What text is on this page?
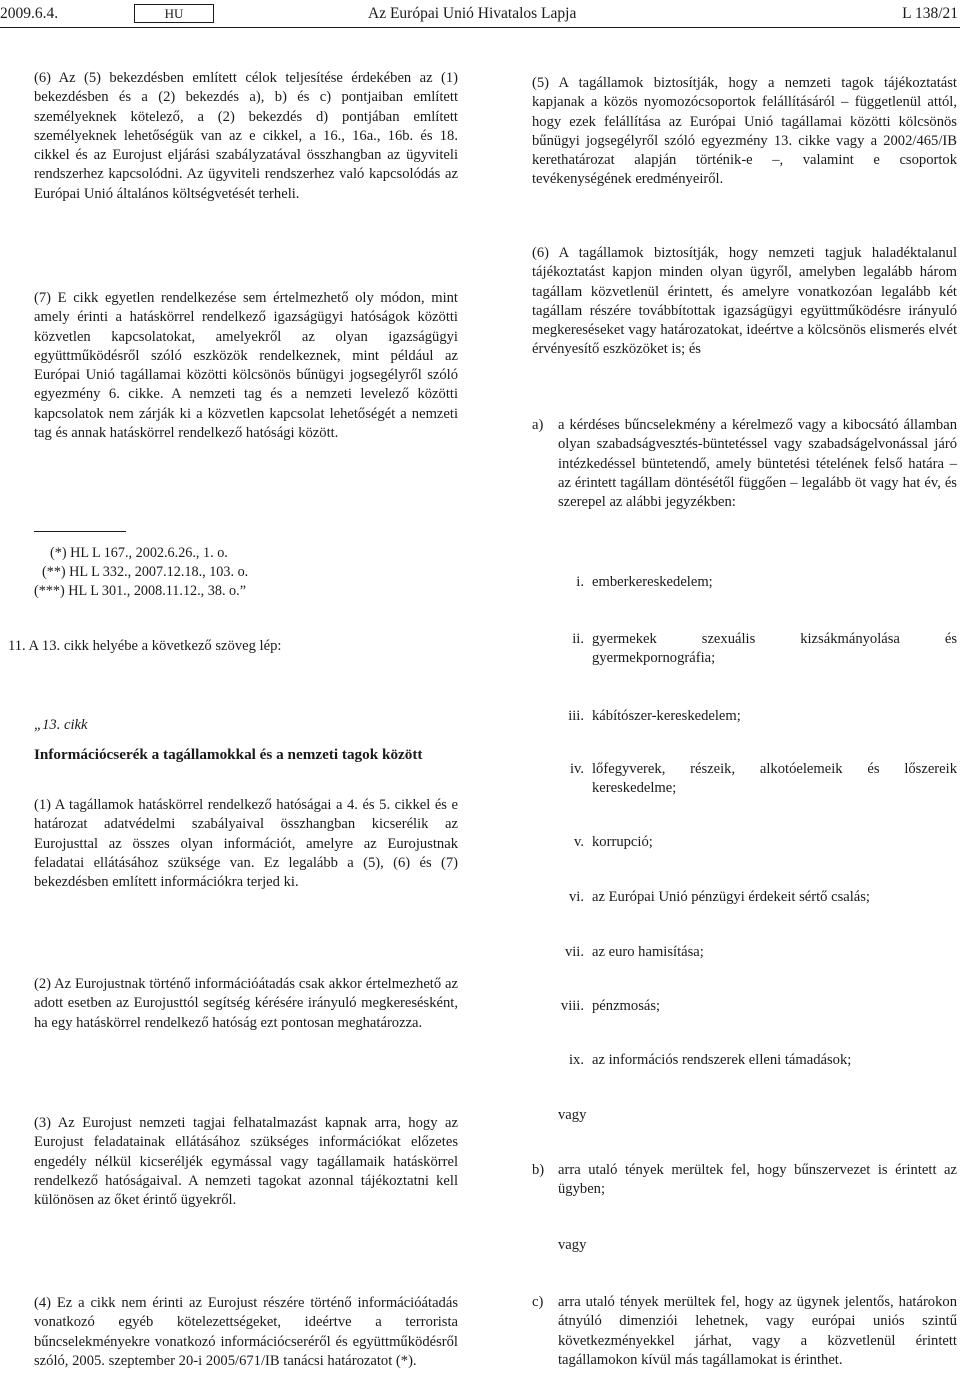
2009.6.4.	HU	Az Európai Unió Hivatalos Lapja	L 138/21

(6) Az (5) bekezdésben említett célok teljesítése érdekében az (1) bekezdésben és a (2) bekezdés a), b) és c) pontjaiban említett személyeknek kötelező, a (2) bekezdés d) pontjában említett személyeknek lehetőségük van az e cikkel, a 16., 16a., 16b. és 18. cikkel és az Eurojust eljárási szabályzatával összhangban az ügyviteli rendszerhez kapcsolódni. Az ügyviteli rendszerhez való kapcsolódás az Európai Unió általános költségvetését terheli.

(7) E cikk egyetlen rendelkezése sem értelmezhető oly módon, mint amely érinti a hatáskörrel rendelkező igazságügyi hatóságok közötti közvetlen kapcsolatokat, amelyekről az olyan igazságügyi együttműködésről szóló eszközök rendelkeznek, mint például az Európai Unió tagállamai közötti kölcsönös bűnügyi jogsegélyről szóló egyezmény 6. cikke. A nemzeti tag és a nemzeti levelező közötti kapcsolatok nem zárják ki a közvetlen kapcsolat lehetőségét a nemzeti tag és annak hatáskörrel rendelkező hatósági között.

(*) HL L 167., 2002.6.26., 1. o.
(**) HL L 332., 2007.12.18., 103. o.
(***) HL L 301., 2008.11.12., 38. o.”
11. A 13. cikk helyébe a következő szöveg lép:
„13. cikk

Információcserék a tagállamokkal és a nemzeti tagok között

(1) A tagállamok hatáskörrel rendelkező hatóságai a 4. és 5. cikkel és e határozat adatvédelmi szabályaival összhangban kicserélik az Eurojusttal az összes olyan információt, amelyre az Eurojustnak feladatai ellátásához szüksége van. Ez legalább a (5), (6) és (7) bekezdésben említett információkra terjed ki.

(2) Az Eurojustnak történő információátadás csak akkor értelmezhető az adott esetben az Eurojusttól segítség kérésére irányuló megkeresésként, ha egy hatáskörrel rendelkező hatóság ezt pontosan meghatározza.

(3) Az Eurojust nemzeti tagjai felhatalmazást kapnak arra, hogy az Eurojust feladatainak ellátásához szükséges információkat előzetes engedély nélkül kicseréljék egymással vagy tagállamaik hatáskörrel rendelkező hatóságaival. A nemzeti tagokat azonnal tájékoztatni kell különösen az őket érintő ügyekről.

(4) Ez a cikk nem érinti az Eurojust részére történő információátadás vonatkozó egyéb kötelezettségeket, ideértve a terrorista bűncselekményekre vonatkozó információcseréről és együttműködésről szóló, 2005. szeptember 20-i 2005/671/IB tanácsi határozatot (*).

(5) A tagállamok biztosítják, hogy a nemzeti tagok tájékoztatást kapjanak a közös nyomozócsoportok felállításáról – függetlenül attól, hogy ezek felállítása az Európai Unió tagállamai közötti kölcsönös bűnügyi jogsegélyről szóló egyezmény 13. cikke vagy a 2002/465/IB kerethatározat alapján történik-e –, valamint e csoportok tevékenységének eredményeiről.

(6) A tagállamok biztosítják, hogy nemzeti tagjuk haladéktalanul tájékoztatást kapjon minden olyan ügyről, amelyben legalább három tagállam közvetlenül érintett, és amelyre vonatkozóan legalább két tagállam részére továbbítottak igazságügyi együttműködésre irányuló megkereséseket vagy határozatokat, ideértve a kölcsönös elismerés elvét érvényesítő eszközöket is; és

a) a kérdéses bűncselekmény a kérelmező vagy a kibocsátó államban olyan szabadságvesztés-büntetéssel vagy szabadságelvonással járó intézkedéssel büntetendő, amely büntetési tételének felső határa – az érintett tagállam döntésétől függően – legalább öt vagy hat év, és szerepel az alábbi jegyzékben:
i. emberkereskedelem;
ii. gyermekek szexuális kizsákmányolása és gyermekpornográfia;
iii. kábítószer-kereskedelem;
iv. lőfegyverek, részeik, alkotóelemeik és lőszereik kereskedelme;
v. korrupció;
vi. az Európai Unió pénzügyi érdekeit sértő csalás;
vii. az euro hamisítása;
viii. pénzmosás;
ix. az információs rendszerek elleni támadások;
vagy
b) arra utaló tények merültek fel, hogy bűnszervezet is érintett az ügyben;
vagy
c) arra utaló tények merültek fel, hogy az ügynek jelentős, határokon átnyúló dimenziói lehetnek, vagy európai uniós szintű következményekkel járhat, vagy a közvetlenül érintett tagállamokon kívül más tagállamokat is érinthet.
